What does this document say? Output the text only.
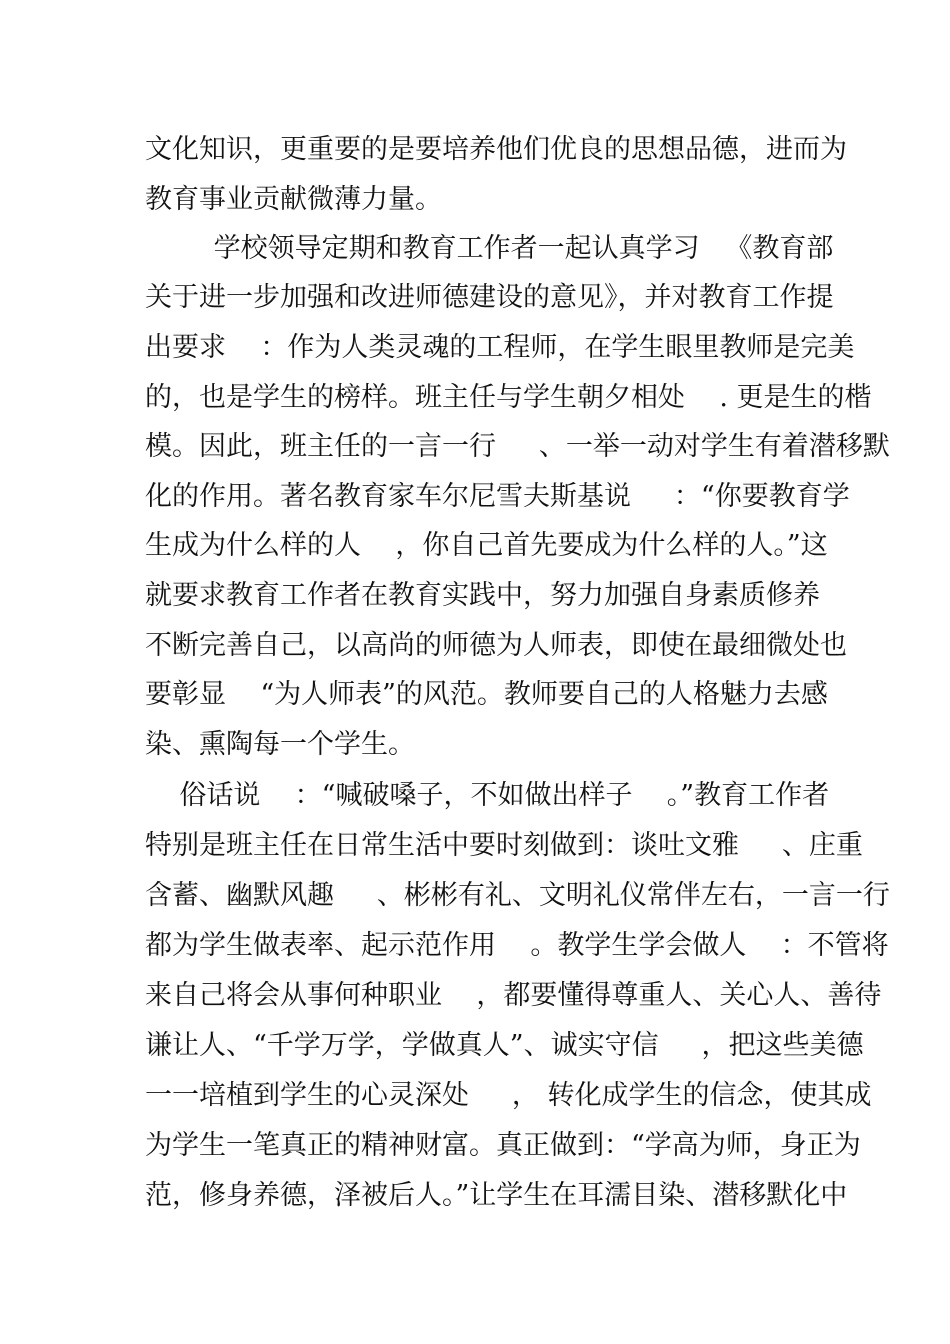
文化知识，更重要的是要培养他们优良的思想品德，进而为
教育事业贡献微薄力量。
学校领导定期和教育工作者一起认真学习   《教育部
关于进一步加强和改进师德建设的意见》，并对教育工作提
出要求    ：作为人类灵魂的工程师，在学生眼里教师是完美
的，也是学生的榜样。班主任与学生朝夕相处    . 更是生的楷
模。因此，班主任的一言一行     、一举一动对学生有着潜移默
化的作用。著名教育家车尔尼雪夫斯基说     ：“你要教育学
生成为什么样的人    ，你自己首先要成为什么样的人。”这
就要求教育工作者在教育实践中，努力加强自身素质修养
不断完善自己，以高尚的师德为人师表，即使在最细微处也
要彰显    “为人师表”的风范。教师要自己的人格魅力去感
染、熏陶每一个学生。
俗话说    ：“喊破嗓子，不如做出样子    。”教育工作者
特别是班主任在日常生活中要时刻做到：谈吐文雅     、庄重
含蓄、幽默风趣     、彬彬有礼、文明礼仪常伴左右，一言一行
都为学生做表率、起示范作用    。教学生学会做人    ：不管将
来自己将会从事何种职业    ，都要懂得尊重人、关心人、善待
谦让人、“千学万学，学做真人”、诚实守信     ，把这些美德
一一培植到学生的心灵深处     ， 转化成学生的信念，使其成
为学生一笔真正的精神财富。真正做到：“学高为师，身正为
范，修身养德，泽被后人。”让学生在耳濡目染、潜移默化中
